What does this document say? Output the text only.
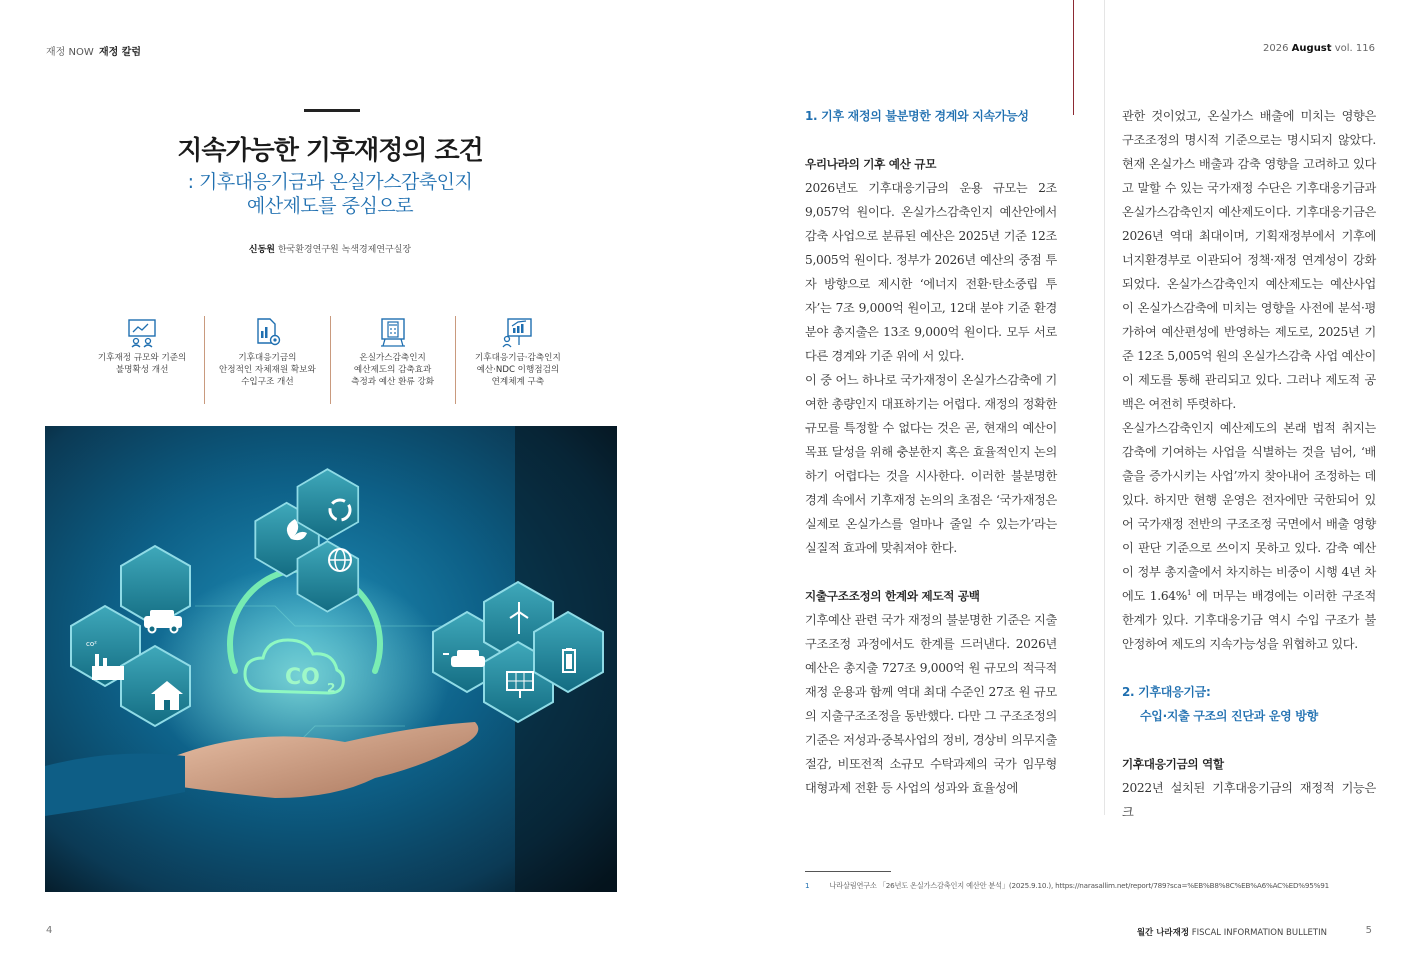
재정 NOW 재정 칼럼	2026 August vol. 116
지속가능한 기후재정의 조건
: 기후대응기금과 온실가스감축인지
예산제도를 중심으로
신동원 한국환경연구원 녹색경제연구실장
기후재정 규모와 기준의
불명확성 개선
기후대응기금의
안정적인 자체재원 확보와
수입구조 개선
온실가스감축인지
예산제도의 감축효과
측정과 예산 환류 강화
기후대응기금·감축인지
예산·NDC 이행점검의
연계체계 구축
CO 2
co²
1. 기후 재정의 불분명한 경계와 지속가능성
우리나라의 기후 예산 규모

2026년도 기후대응기금의 운용 규모는 2조 9,057억 원이다. 온실가스감축인지 예산안에서 감축 사업으로 분류된 예산은 2025년 기준 12조 5,005억 원이다. 정부가 2026년 예산의 중점 투자 방향으로 제시한 ‘에너지 전환·탄소중립 투자’는 7조 9,000억 원이고, 12대 분야 기준 환경 분야 총지출은 13조 9,000억 원이다. 모두 서로 다른 경계와 기준 위에 서 있다.

이 중 어느 하나로 국가재정이 온실가스감축에 기여한 총량인지 대표하기는 어렵다. 재정의 정확한 규모를 특정할 수 없다는 것은 곧, 현재의 예산이 목표 달성을 위해 충분한지 혹은 효율적인지 논의하기 어렵다는 것을 시사한다. 이러한 불분명한 경계 속에서 기후재정 논의의 초점은 ‘국가재정은 실제로 온실가스를 얼마나 줄일 수 있는가’라는 실질적 효과에 맞춰져야 한다.

지출구조조정의 한계와 제도적 공백

기후예산 관련 국가 재정의 불분명한 기준은 지출구조조정 과정에서도 한계를 드러낸다. 2026년 예산은 총지출 727조 9,000억 원 규모의 적극적 재정 운용과 함께 역대 최대 수준인 27조 원 규모의 지출구조조정을 동반했다. 다만 그 구조조정의 기준은 저성과·중복사업의 정비, 경상비 의무지출 절감, 비또전적 소규모 수탁과제의 국가 임무형 대형과제 전환 등 사업의 성과와 효율성에

관한 것이었고, 온실가스 배출에 미치는 영향은 구조조정의 명시적 기준으로는 명시되지 않았다. 현재 온실가스 배출과 감축 영향을 고려하고 있다고 말할 수 있는 국가재정 수단은 기후대응기금과 온실가스감축인지 예산제도이다. 기후대응기금은 2026년 역대 최대이며, 기획재정부에서 기후에너지환경부로 이관되어 정책·재정 연계성이 강화되었다. 온실가스감축인지 예산제도는 예산사업이 온실가스감축에 미치는 영향을 사전에 분석·평가하여 예산편성에 반영하는 제도로, 2025년 기준 12조 5,005억 원의 온실가스감축 사업 예산이 이 제도를 통해 관리되고 있다. 그러나 제도적 공백은 여전히 뚜렷하다.

온실가스감축인지 예산제도의 본래 법적 취지는 감축에 기여하는 사업을 식별하는 것을 넘어, ‘배출을 증가시키는 사업’까지 찾아내어 조정하는 데 있다. 하지만 현행 운영은 전자에만 국한되어 있어 국가재정 전반의 구조조정 국면에서 배출 영향이 판단 기준으로 쓰이지 못하고 있다. 감축 예산이 정부 총지출에서 차지하는 비중이 시행 4년 차에도 1.64%$^1$ 에 머무는 배경에는 이러한 구조적 한계가 있다. 기후대응기금 역시 수입 구조가 불안정하여 제도의 지속가능성을 위협하고 있다.

2. 기후대응기금:
수입·지출 구조의 진단과 운영 방향
기후대응기금의 역할

2022년 설치된 기후대응기금의 재정적 기능은 크

1	나라살림연구소 「26년도 온실가스감축인지 예산안 분석」(2025.9.10.), https://narasallim.net/report/789?sca=%EB%B8%8C%EB%A6%AC%ED%95%91
4	월간 나라재정 FISCAL INFORMATION BULLETIN	5
